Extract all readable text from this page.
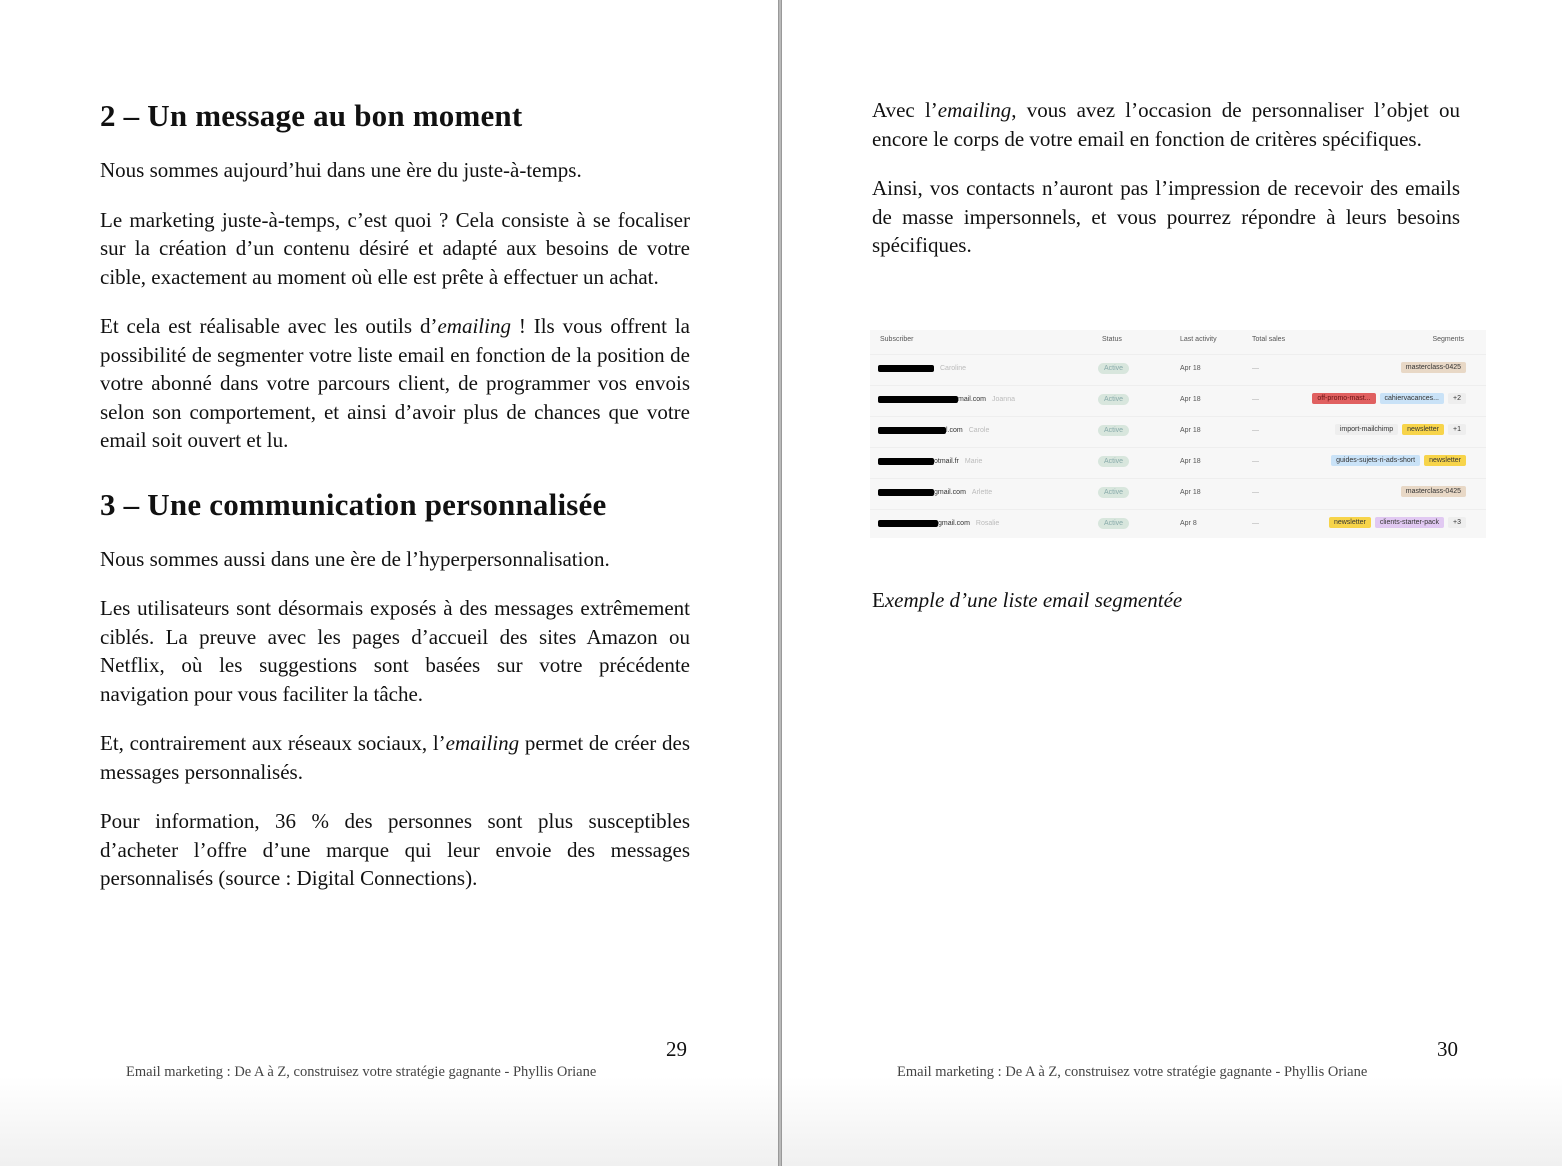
2 – Un message au bon moment

Nous sommes aujourd’hui dans une ère du juste-à-temps.

Le marketing juste-à-temps, c’est quoi ? Cela consiste à se focaliser sur la création d’un contenu désiré et adapté aux besoins de votre cible, exactement au moment où elle est prête à effectuer un achat.

Et cela est réalisable avec les outils d’emailing ! Ils vous offrent la possibilité de segmenter votre liste email en fonction de la position de votre abonné dans votre parcours client, de programmer vos envois selon son comportement, et ainsi d’avoir plus de chances que votre email soit ouvert et lu.

3 – Une communication personnalisée

Nous sommes aussi dans une ère de l’hyperpersonnalisation.

Les utilisateurs sont désormais exposés à des messages extrêmement ciblés. La preuve avec les pages d’accueil des sites Amazon ou Netflix, où les suggestions sont basées sur votre précédente navigation pour vous faciliter la tâche.

Et, contrairement aux réseaux sociaux, l’emailing permet de créer des messages personnalisés.

Pour information, 36 % des personnes sont plus susceptibles d’acheter l’offre d’une marque qui leur envoie des messages personnalisés (source : Digital Connections).

29
Email marketing : De A à Z, construisez votre stratégie gagnante - Phyllis Oriane

Avec l’emailing, vous avez l’occasion de personnaliser l’objet ou encore le corps de votre email en fonction de critères spécifiques.

Ainsi, vos contacts n’auront pas l’impression de recevoir des emails de masse impersonnels, et vous pourrez répondre à leurs besoins spécifiques.

Subscriber	Status	Last activity	Total sales	Segments
Caroline	Active	Apr 18	—	masterclass-0425
mail.com Joanna	Active	Apr 18	—	off-promo-mast...	cahiervacances...	+2
l.com Carole	Active	Apr 18	—	import-mailchimp	newsletter	+1
otmail.fr Marie	Active	Apr 18	—	guides-sujets-ri-ads-short	newsletter
gmail.com Arlette	Active	Apr 18	—	masterclass-0425
gmail.com Rosalie	Active	Apr 8	—	newsletter	clients-starter-pack	+3
Exemple d’une liste email segmentée
30
Email marketing : De A à Z, construisez votre stratégie gagnante - Phyllis Oriane
